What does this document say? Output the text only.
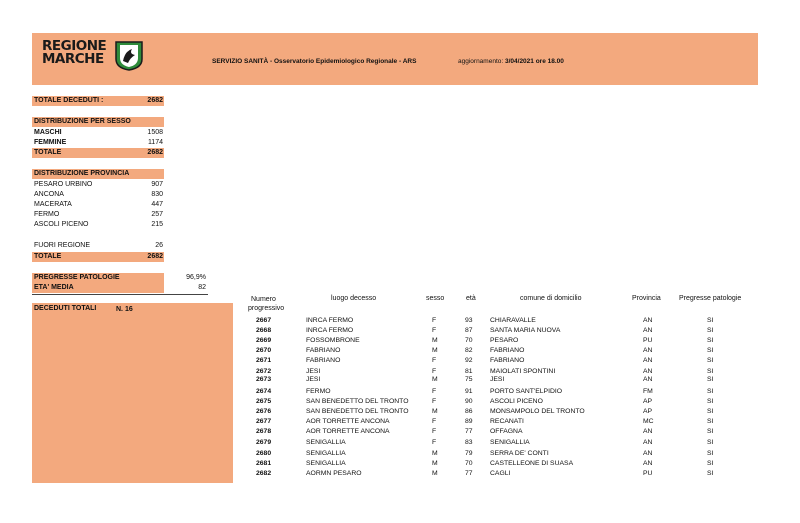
REGIONE
MARCHE	SERVIZIO SANITÀ - Osservatorio Epidemiologico Regionale - ARS	aggiornamento: 3/04/2021 ore 18.00
TOTALE DECEDUTI :	2682
DISTRIBUZIONE PER SESSO
MASCHI	1508
FEMMINE	1174
TOTALE	2682
DISTRIBUZIONE PROVINCIA
PESARO URBINO	907
ANCONA	830
MACERATA	447
FERMO	257
ASCOLI PICENO	215
FUORI REGIONE	26
TOTALE	2682
PREGRESSE PATOLOGIE	96,9%
ETA' MEDIA	82
DECEDUTI TOTALI	N. 16
Numero
progressivo
luogo decesso	sesso	età	comune di domicilio	Provincia	Pregresse patologie
2667	INRCA FERMO	F	93	CHIARAVALLE	AN	SI
2668	INRCA FERMO	F	87	SANTA MARIA NUOVA	AN	SI
2669	FOSSOMBRONE	M	70	PESARO	PU	SI
2670	FABRIANO	M	82	FABRIANO	AN	SI
2671	FABRIANO	F	92	FABRIANO	AN	SI
2672	JESI	F	81	MAIOLATI SPONTINI	AN	SI
2673	JESI	M	75	JESI	AN	SI
2674	FERMO	F	91	PORTO SANT'ELPIDIO	FM	SI
2675	SAN BENEDETTO DEL TRONTO	F	90	ASCOLI PICENO	AP	SI
2676	SAN BENEDETTO DEL TRONTO	M	86	MONSAMPOLO DEL TRONTO	AP	SI
2677	AOR TORRETTE ANCONA	F	89	RECANATI	MC	SI
2678	AOR TORRETTE ANCONA	F	77	OFFAGNA	AN	SI
2679	SENIGALLIA	F	83	SENIGALLIA	AN	SI
2680	SENIGALLIA	M	79	SERRA DE' CONTI	AN	SI
2681	SENIGALLIA	M	70	CASTELLEONE DI SUASA	AN	SI
2682	AORMN PESARO	M	77	CAGLI	PU	SI
